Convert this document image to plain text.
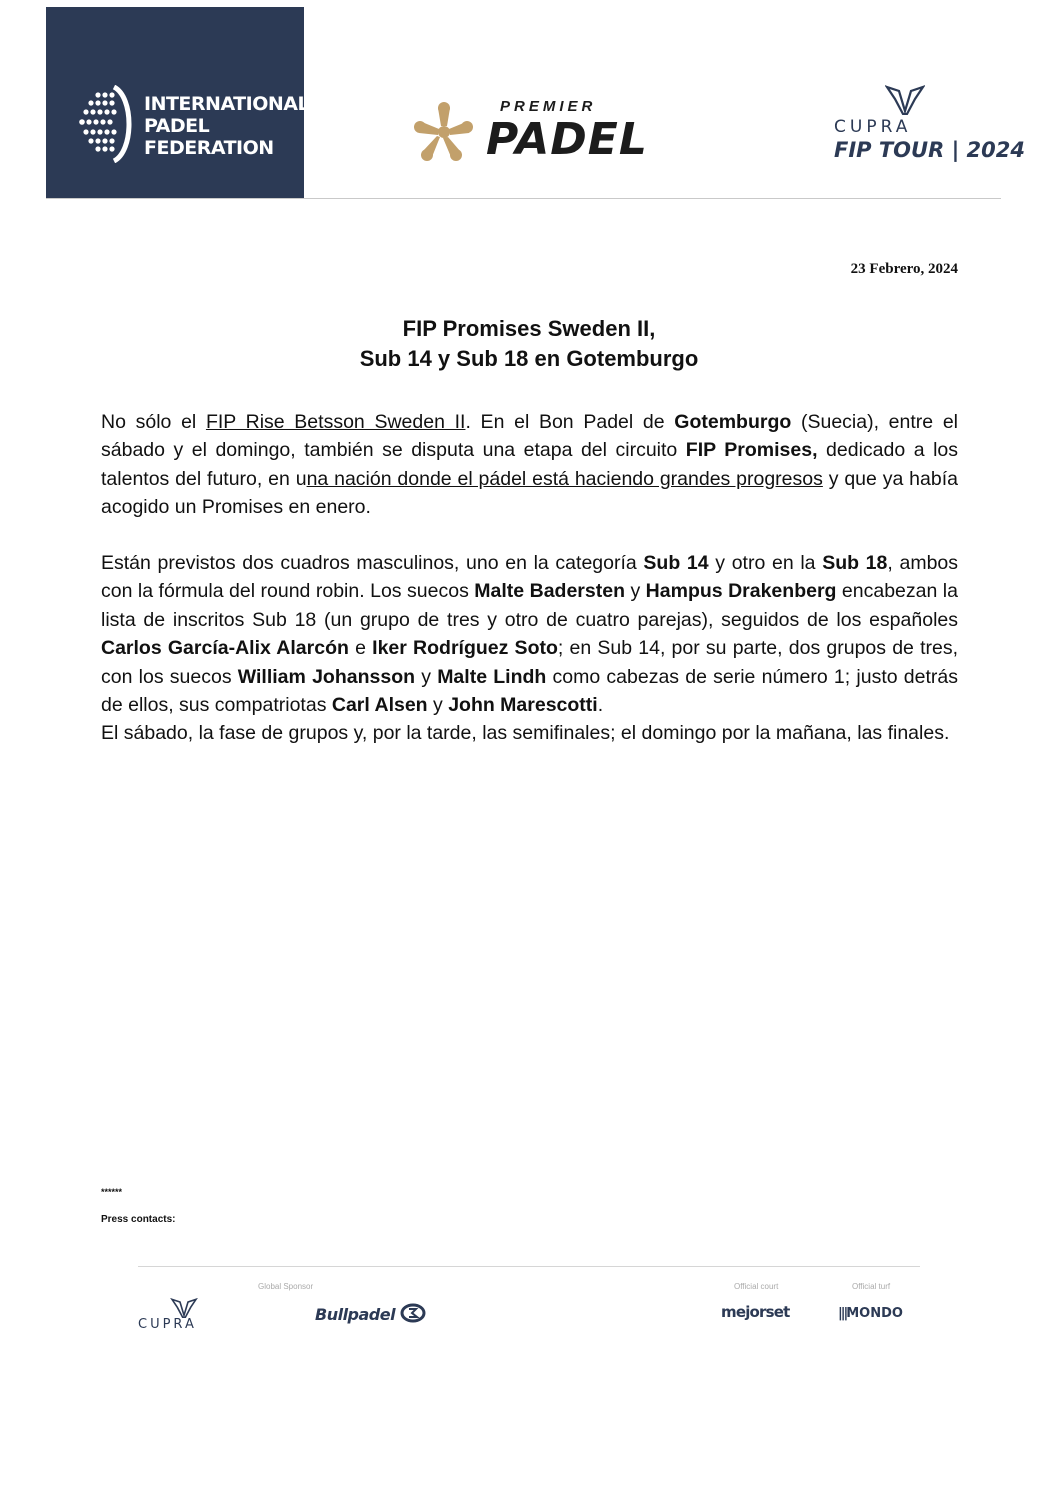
INTERNATIONAL
PADEL
FEDERATION
PREMIER
PADEL	CUPRA
FIP TOUR | 2024
23 Febrero, 2024
FIP Promises Sweden II,
Sub 14 y Sub 18 en Gotemburgo
No sólo el FIP Rise Betsson Sweden II. En el Bon Padel de Gotemburgo (Suecia), entre el sábado y el domingo, también se disputa una etapa del circuito FIP Promises, dedicado a los talentos del futuro, en una nación donde el pádel está haciendo grandes progresos y que ya había acogido un Promises en enero.
Están previstos dos cuadros masculinos, uno en la categoría Sub 14 y otro en la Sub 18, ambos con la fórmula del round robin. Los suecos Malte Badersten y Hampus Drakenberg encabezan la lista de inscritos Sub 18 (un grupo de tres y otro de cuatro parejas), seguidos de los españoles Carlos García-Alix Alarcón e Iker Rodríguez Soto; en Sub 14, por su parte, dos grupos de tres, con los suecos William Johansson y Malte Lindh como cabezas de serie número 1; justo detrás de ellos, sus compatriotas Carl Alsen y John Marescotti.
El sábado, la fase de grupos y, por la tarde, las semifinales; el domingo por la mañana, las finales.
******
Press contacts:
Global Sponsor	Official court	Official turf
CUPRA
Bullpadel	mejorset	|||MONDO
